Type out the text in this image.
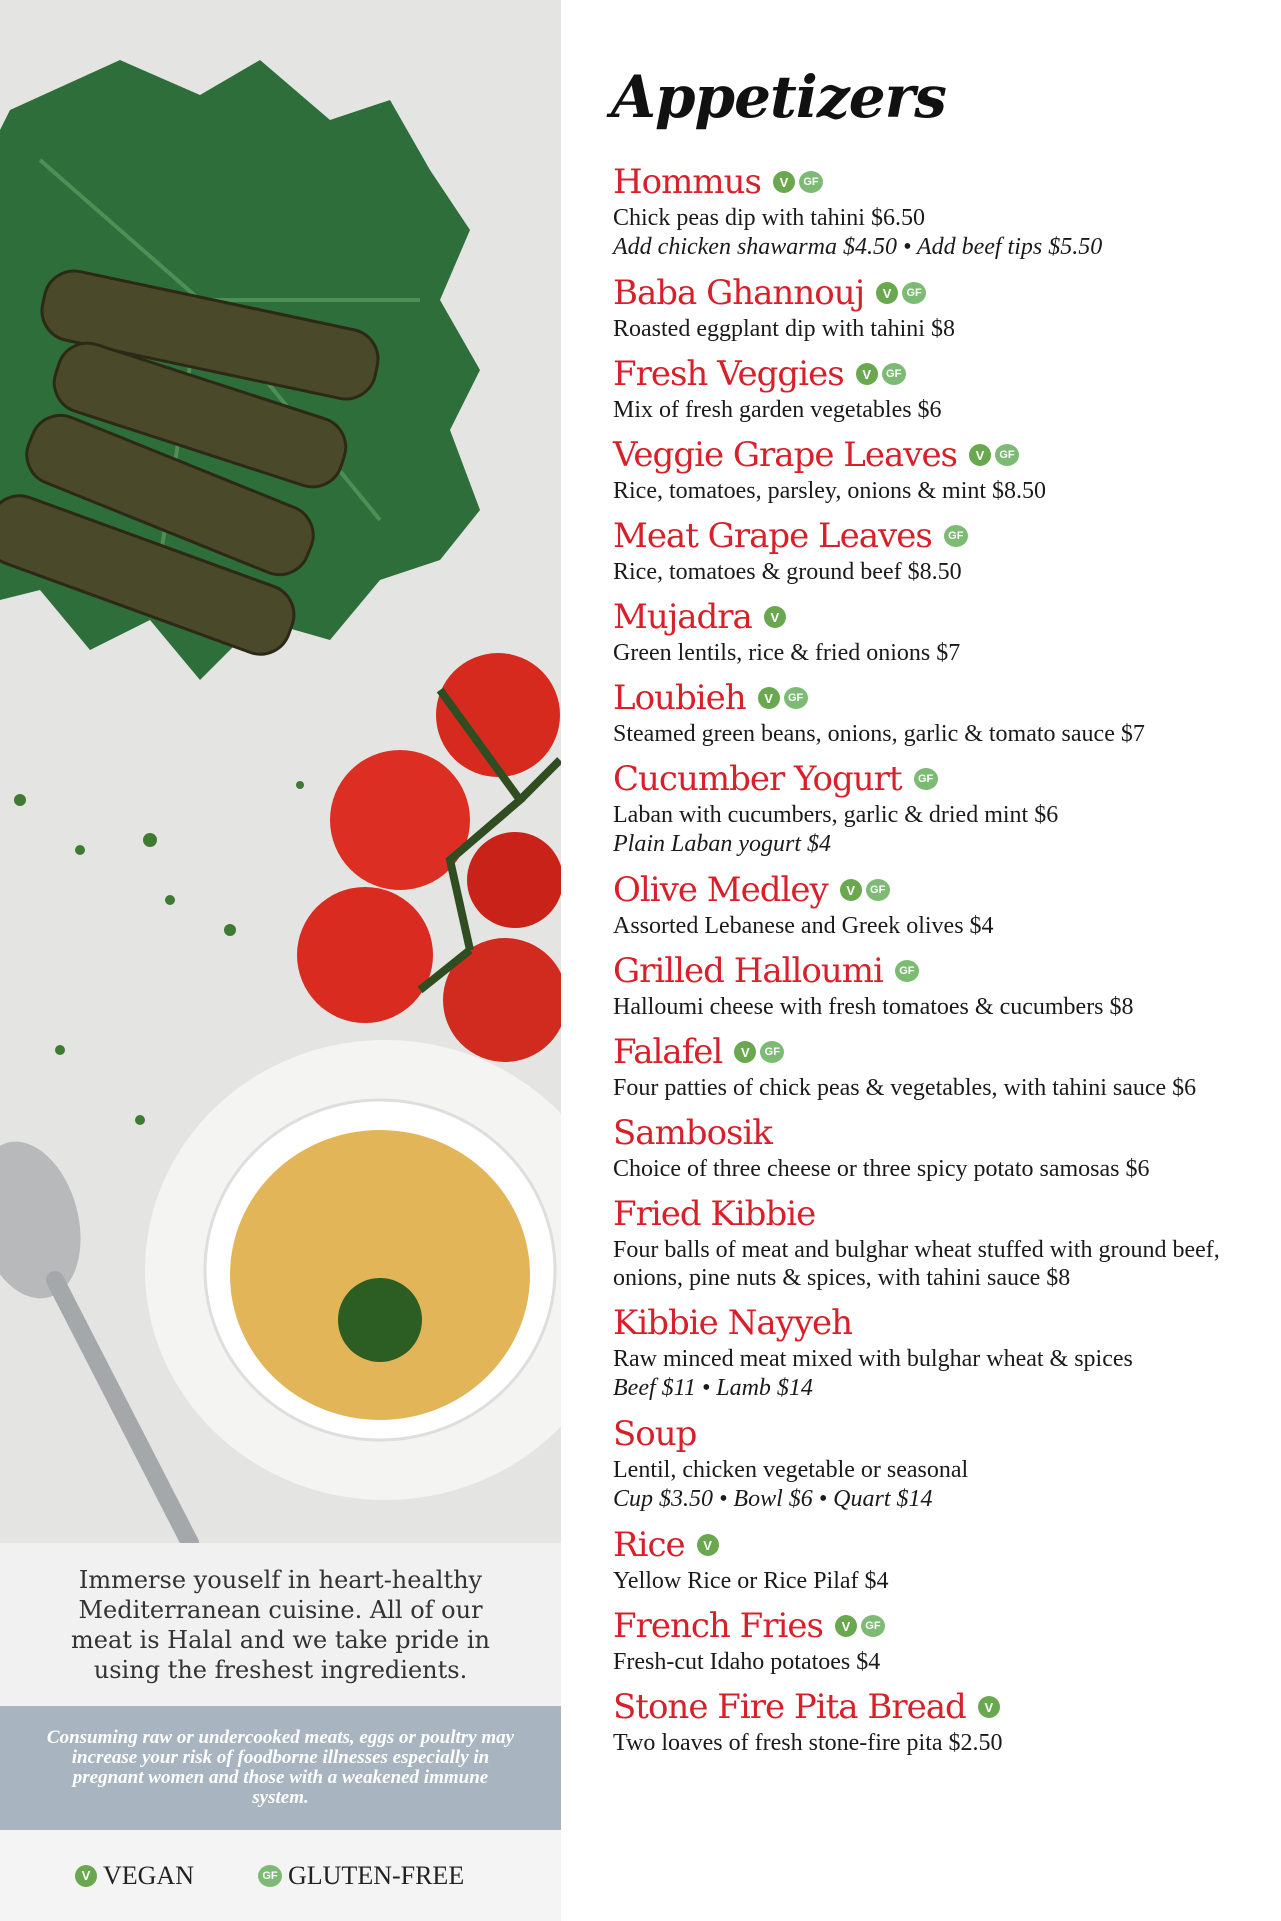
Immerse youself in heart-healthy Mediterranean cuisine. All of our meat is Halal and we take pride in using the freshest ingredients.

Consuming raw or undercooked meats, eggs or poultry may increase your risk of foodborne illnesses especially in pregnant women and those with a weakened immune system.

V VEGAN	GF GLUTEN-FREE
Appetizers
Hommus	V	GF
Chick peas dip with tahini $6.50
Add chicken shawarma $4.50 • Add beef tips $5.50
Baba Ghannouj	V	GF
Roasted eggplant dip with tahini $8
Fresh Veggies	V	GF
Mix of fresh garden vegetables $6
Veggie Grape Leaves	V	GF
Rice, tomatoes, parsley, onions & mint $8.50
Meat Grape Leaves	GF
Rice, tomatoes & ground beef $8.50
Mujadra	V
Green lentils, rice & fried onions $7
Loubieh	V	GF
Steamed green beans, onions, garlic & tomato sauce $7
Cucumber Yogurt	GF
Laban with cucumbers, garlic & dried mint $6
Plain Laban yogurt $4
Olive Medley	V	GF
Assorted Lebanese and Greek olives $4
Grilled Halloumi	GF
Halloumi cheese with fresh tomatoes & cucumbers $8
Falafel	V	GF
Four patties of chick peas & vegetables, with tahini sauce $6
Sambosik
Choice of three cheese or three spicy potato samosas $6
Fried Kibbie
Four balls of meat and bulghar wheat stuffed with ground beef, onions, pine nuts & spices, with tahini sauce $8
Kibbie Nayyeh
Raw minced meat mixed with bulghar wheat & spices
Beef $11 • Lamb $14
Soup
Lentil, chicken vegetable or seasonal
Cup $3.50 • Bowl $6 • Quart $14
Rice	V
Yellow Rice or Rice Pilaf $4
French Fries	V	GF
Fresh-cut Idaho potatoes $4
Stone Fire Pita Bread	V
Two loaves of fresh stone-fire pita $2.50
